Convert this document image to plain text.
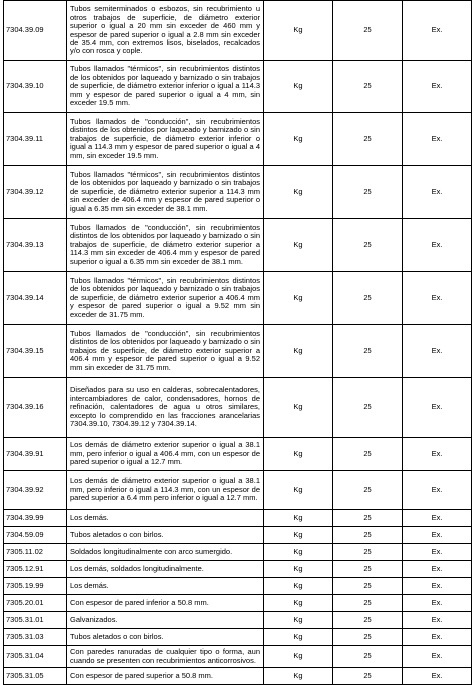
7304.39.09	Tubos semiterminados o esbozos, sin recubrimiento u otros trabajos de superficie, de diámetro exterior superior o igual a 20 mm sin exceder de 460 mm y espesor de pared superior o igual a 2.8 mm sin exceder de 35.4 mm, con extremos lisos, biselados, recalcados y/o con rosca y cople.	Kg	25	Ex.
7304.39.10	Tubos llamados "térmicos", sin recubrimientos distintos de los obtenidos por laqueado y barnizado o sin trabajos de superficie, de diámetro exterior inferior o igual a 114.3 mm y espesor de pared superior o igual a 4 mm, sin exceder 19.5 mm.	Kg	25	Ex.
7304.39.11	Tubos llamados de "conducción", sin recubrimientos distintos de los obtenidos por laqueado y barnizado o sin trabajos de superficie, de diámetro exterior inferior o igual a 114.3 mm y espesor de pared superior o igual a 4 mm, sin exceder 19.5 mm.	Kg	25	Ex.
7304.39.12	Tubos llamados "térmicos", sin recubrimientos distintos de los obtenidos por laqueado y barnizado o sin trabajos de superficie, de diámetro exterior superior a 114.3 mm sin exceder de 406.4 mm y espesor de pared superior o igual a 6.35 mm sin exceder de 38.1 mm.	Kg	25	Ex.
7304.39.13	Tubos llamados de "conducción", sin recubrimientos distintos de los obtenidos por laqueado y barnizado o sin trabajos de superficie, de diámetro exterior superior a 114.3 mm sin exceder de 406.4 mm y espesor de pared superior o igual a 6.35 mm sin exceder de 38.1 mm.	Kg	25	Ex.
7304.39.14	Tubos llamados "térmicos", sin recubrimientos distintos de los obtenidos por laqueado y barnizado o sin trabajos de superficie, de diámetro exterior superior a 406.4 mm y espesor de pared superior o igual a 9.52 mm sin exceder de 31.75 mm.	Kg	25	Ex.
7304.39.15	Tubos llamados de "conducción", sin recubrimientos distintos de los obtenidos por laqueado y barnizado o sin trabajos de superficie, de diámetro exterior superior a 406.4 mm y espesor de pared superior o igual a 9.52 mm sin exceder de 31.75 mm.	Kg	25	Ex.
7304.39.16	Diseñados para su uso en calderas, sobrecalentadores, intercambiadores de calor, condensadores, hornos de refinación, calentadores de agua u otros similares, excepto lo comprendido en las fracciones arancelarias 7304.39.10, 7304.39.12 y 7304.39.14.	Kg	25	Ex.
7304.39.91	Los demás de diámetro exterior superior o igual a 38.1 mm, pero inferior o igual a 406.4 mm, con un espesor de pared superior o igual a 12.7 mm.	Kg	25	Ex.
7304.39.92	Los demás de diámetro exterior superior o igual a 38.1 mm, pero inferior o igual a 114.3 mm, con un espesor de pared superior a 6.4 mm pero inferior o igual a 12.7 mm.	Kg	25	Ex.
7304.39.99	Los demás.	Kg	25	Ex.
7304.59.09	Tubos aletados o con birlos.	Kg	25	Ex.
7305.11.02	Soldados longitudinalmente con arco sumergido.	Kg	25	Ex.
7305.12.91	Los demás, soldados longitudinalmente.	Kg	25	Ex.
7305.19.99	Los demás.	Kg	25	Ex.
7305.20.01	Con espesor de pared inferior a 50.8 mm.	Kg	25	Ex.
7305.31.01	Galvanizados.	Kg	25	Ex.
7305.31.03	Tubos aletados o con birlos.	Kg	25	Ex.
7305.31.04	Con paredes ranuradas de cualquier tipo o forma, aun cuando se presenten con recubrimientos anticorrosivos.	Kg	25	Ex.
7305.31.05	Con espesor de pared superior a 50.8 mm.	Kg	25	Ex.
